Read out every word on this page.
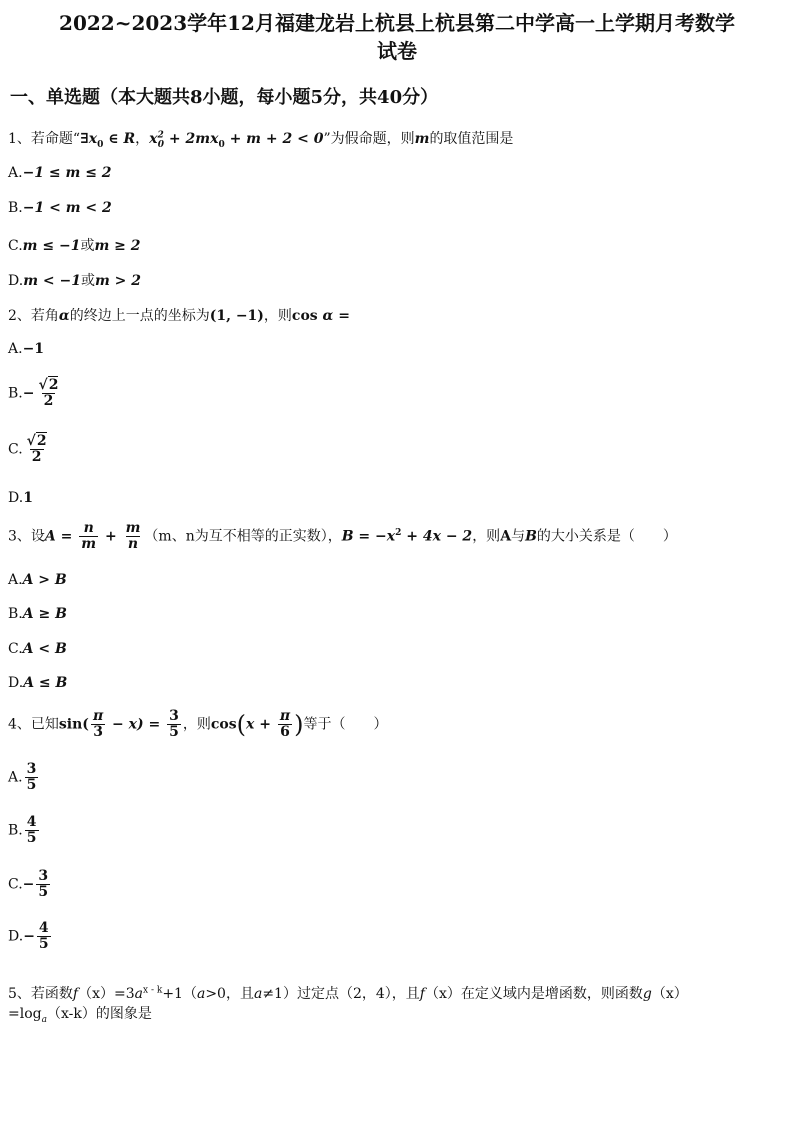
2022~2023学年12月福建龙岩上杭县上杭县第二中学高一上学期月考数学
试卷
一、单选题（本大题共8小题，每小题5分，共40分）
1、若命题“$\exists x_0$ ∈ R，$x^2_0 + 2mx_0 + m + 2 < 0$”为假命题，则m的取值范围是
A.−1 ≤ m ≤ 2
B.−1 < m < 2
C.m ≤ −1或m ≥ 2
D.m < −1或m > 2
2、若角α的终边上一点的坐标为(1, −1)，则cos α =
A.−1
$B.- \frac{√2}{2}$
C. $\frac{√2}{2}$
D.1
3、设$A = \frac{n}{m} + \frac{m}{n} (m$、n为互不相等的正实数），$B = -x^2 + 4x - 2$，则A与B的大小关系是（　　）
A.A > B
B.A ≥ B
C.A < B
D.A ≤ B
4、已知$\sin( \frac{\pi}{3} - x) = \frac{3}{5}$ ，则$\cos(x + \frac{\pi}{6}$ )等于（　　）
A. $\frac{3}{5}$
B. $\frac{4}{5}$
$C.- \frac{3}{5}$
$D.- \frac{4}{5}$
5、若函数$f(x)=3a^{x - k}+1(a>0$，且a≠1）过定点（2，4），且f（x）在定义域内是增函数，则函数g（x）
$=\log_a(x-k)$的图象是
